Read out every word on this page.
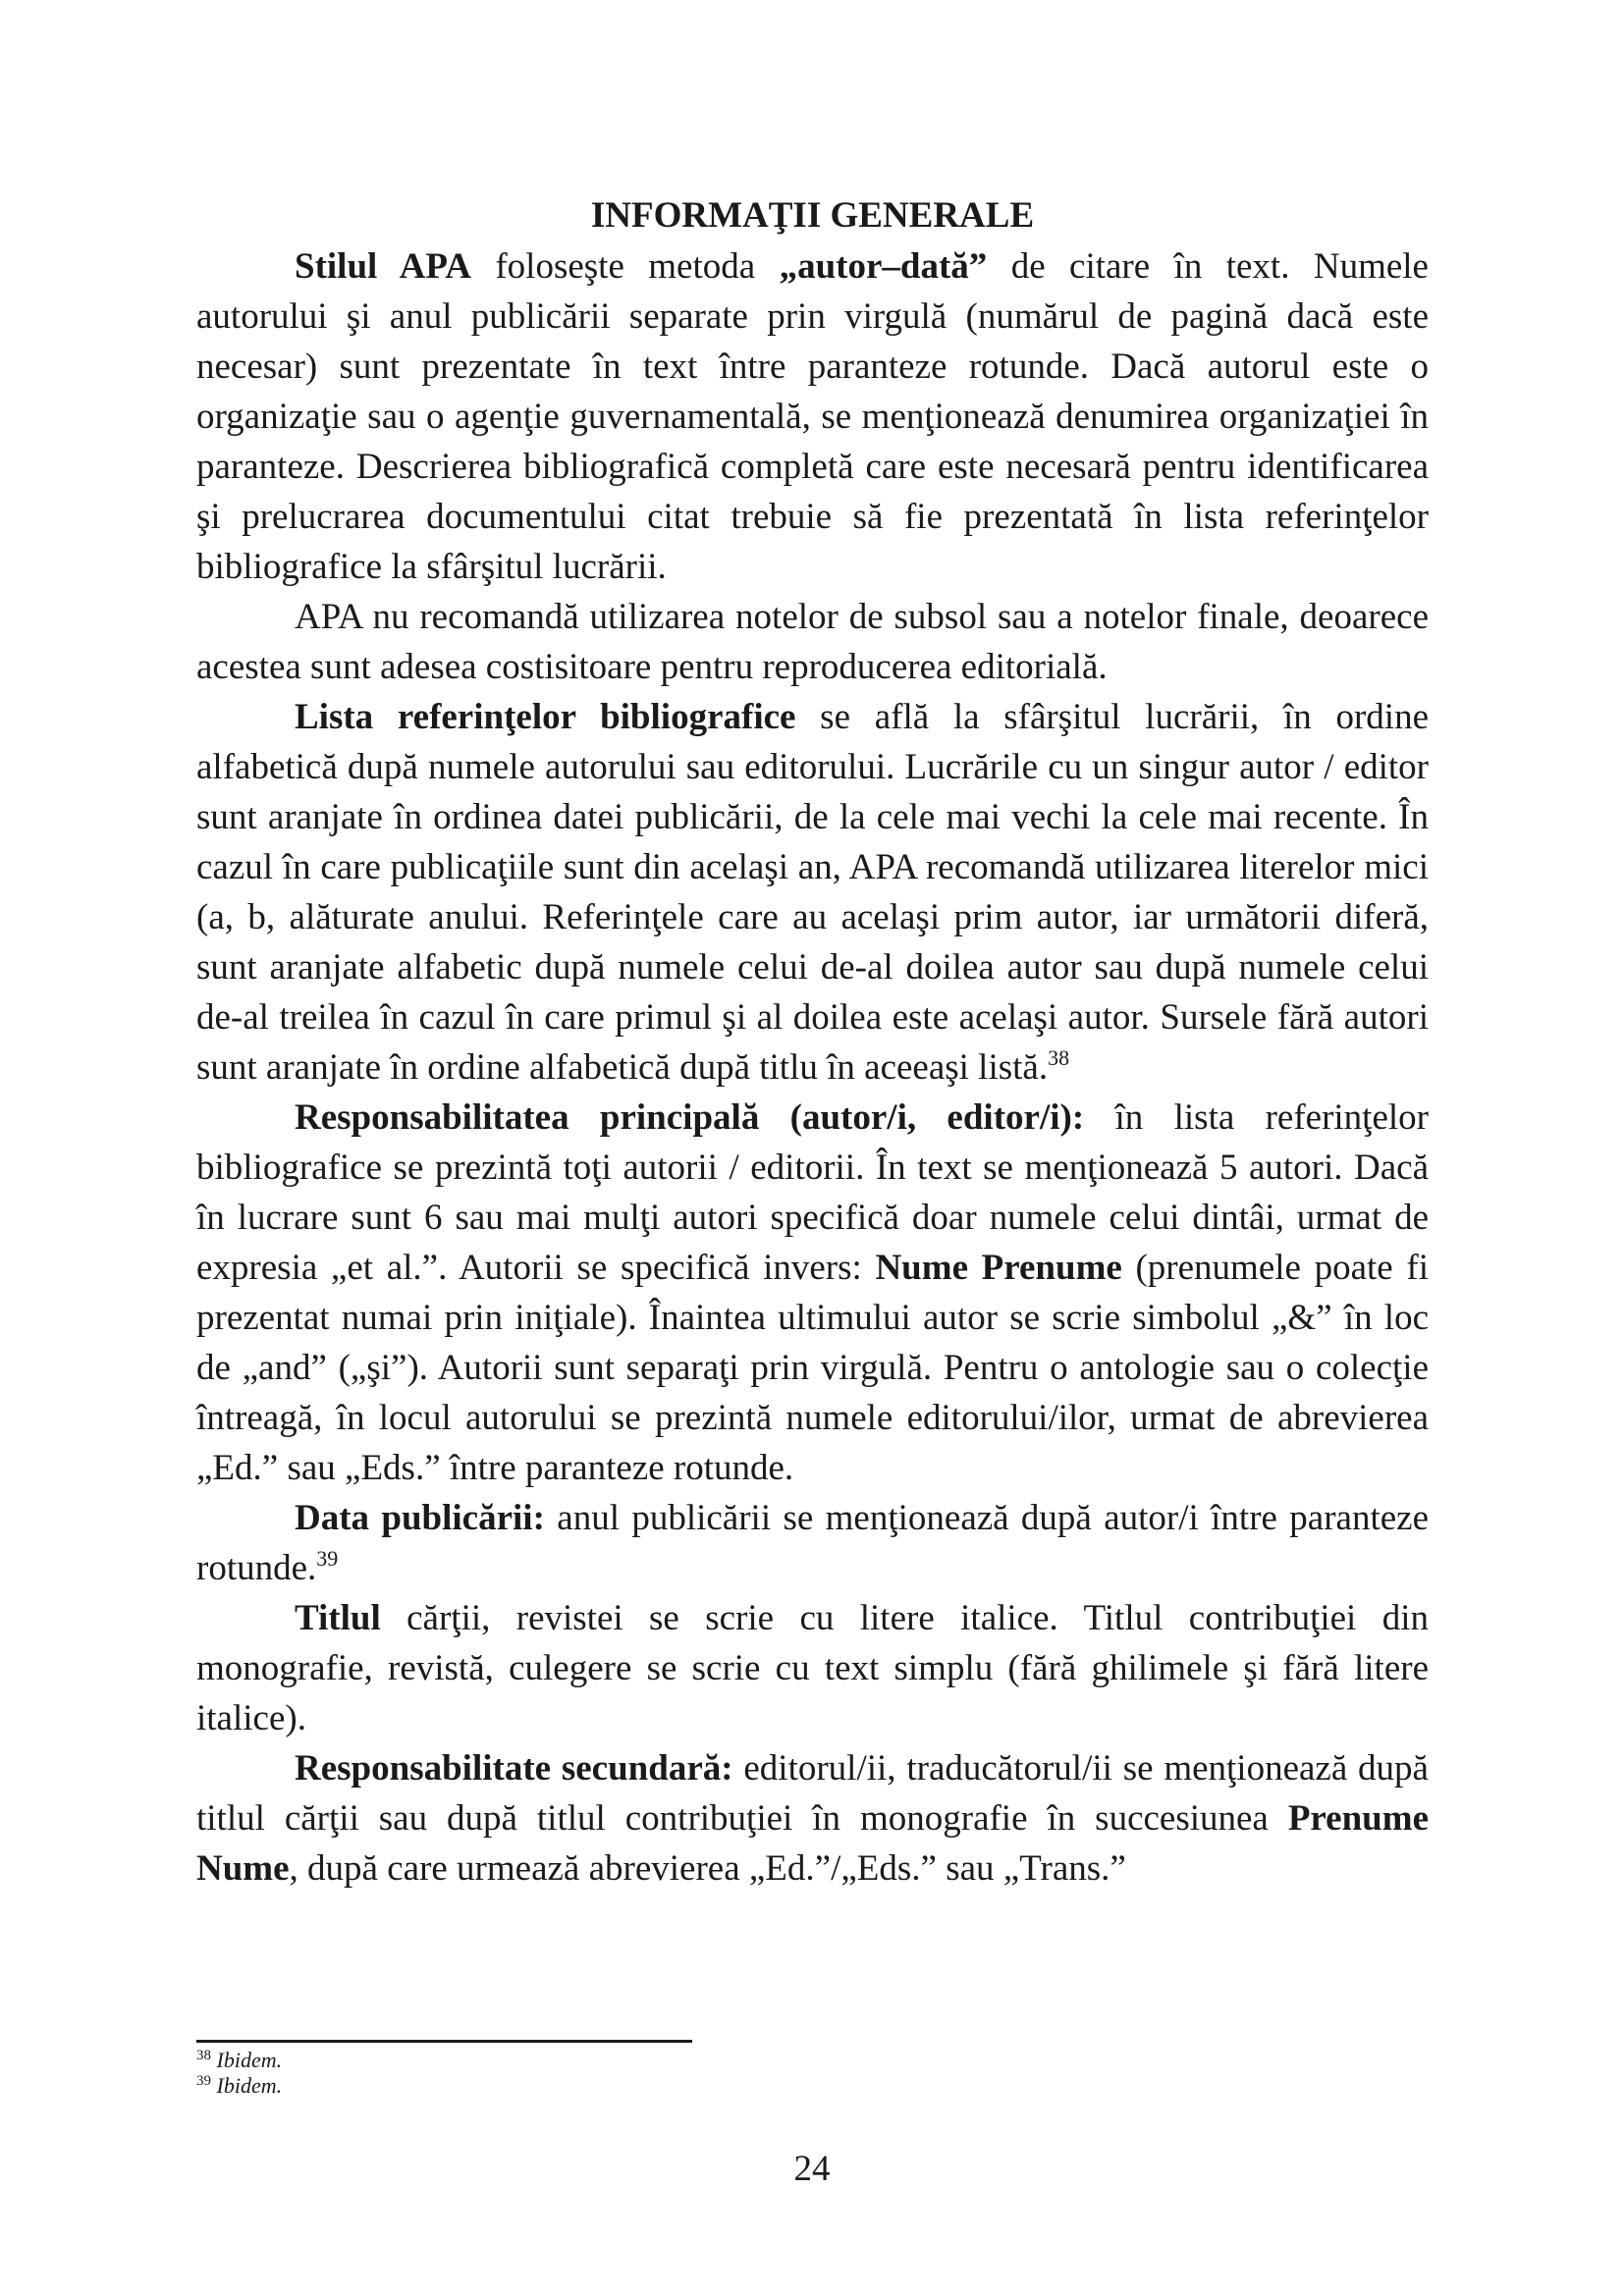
INFORMAŢII GENERALE

Stilul APA foloseşte metoda „autor–dată” de citare în text. Numele autorului şi anul publicării separate prin virgulă (numărul de pagină dacă este necesar) sunt prezentate în text între paranteze rotunde. Dacă autorul este o organizaţie sau o agenţie guvernamentală, se menţionează denumirea organizaţiei în paranteze. Descrierea bibliografică completă care este necesară pentru identificarea şi prelucrarea documentului citat trebuie să fie prezentată în lista referinţelor bibliografice la sfârşitul lucrării.

APA nu recomandă utilizarea notelor de subsol sau a notelor finale, deoarece acestea sunt adesea costisitoare pentru reproducerea editorială.

Lista referinţelor bibliografice se află la sfârşitul lucrării, în ordine alfabetică după numele autorului sau editorului. Lucrările cu un singur autor / editor sunt aranjate în ordinea datei publicării, de la cele mai vechi la cele mai recente. În cazul în care publicaţiile sunt din acelaşi an, APA recomandă utilizarea literelor mici (a, b, alăturate anului. Referinţele care au acelaşi prim autor, iar următorii diferă, sunt aranjate alfabetic după numele celui de-al doilea autor sau după numele celui de-al treilea în cazul în care primul şi al doilea este acelaşi autor. Sursele fără autori sunt aranjate în ordine alfabetică după titlu în aceeaşi listă.$^{38}$

Responsabilitatea principală (autor/i, editor/i): în lista referinţelor bibliografice se prezintă toţi autorii / editorii. În text se menţionează 5 autori. Dacă în lucrare sunt 6 sau mai mulţi autori specifică doar numele celui dintâi, urmat de expresia „et al.”. Autorii se specifică invers: Nume Prenume (prenumele poate fi prezentat numai prin iniţiale). Înaintea ultimului autor se scrie simbolul „&” în loc de „and” („şi”). Autorii sunt separaţi prin virgulă. Pentru o antologie sau o colecţie întreagă, în locul autorului se prezintă numele editorului/ilor, urmat de abrevierea „Ed.” sau „Eds.” între paranteze rotunde.

Data publicării: anul publicării se menţionează după autor/i între paranteze rotunde.$^{39}$

Titlul cărţii, revistei se scrie cu litere italice. Titlul contribuţiei din monografie, revistă, culegere se scrie cu text simplu (fără ghilimele şi fără litere italice).

Responsabilitate secundară: editorul/ii, traducătorul/ii se menţionează după titlul cărţii sau după titlul contribuţiei în monografie în succesiunea Prenume Nume, după care urmează abrevierea „Ed.”/„Eds.” sau „Trans.”

$^{38}$ Ibidem.
$^{39}$ Ibidem.
24
